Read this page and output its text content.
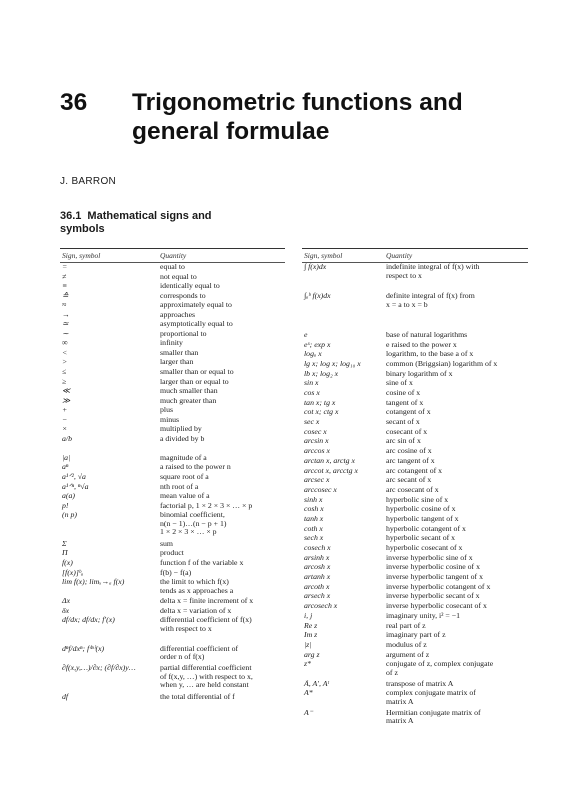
36	Trigonometric functions and
general formulae
J. BARRON
36.1 Mathematical signs and
symbols
Sign, symbol	Quantity
=	equal to
≠	not equal to
≡	identically equal to
≙	corresponds to
≈	approximately equal to
→	approaches
≃	asymptotically equal to
∼	proportional to
∞	infinity
<	smaller than
>	larger than
≤	smaller than or equal to
≥	larger than or equal to
≪	much smaller than
≫	much greater than
+	plus
−	minus
×	multiplied by
a/b	a divided by b
|a|	magnitude of a
aⁿ	a raised to the power n
a¹ᐟ², √a	square root of a
a¹ᐟⁿ, ⁿ√a	nth root of a
a(a)	mean value of a
p!	factorial p, 1 × 2 × 3 × … × p
(n p)	binomial coefficient,
n(n − 1)…(n − p + 1)
1 × 2 × 3 × … × p
Σ	sum
Π	product
f(x)	function f of the variable x
[f(x)]ᵇₐ	f(b) − f(a)
lim f(x); limₓ→ₐ f(x)	the limit to which f(x)
tends as x approaches a
Δx	delta x = finite increment of x
δx	delta x = variation of x
df/dx; df/dx; f′(x)	differential coefficient of f(x)
with respect to x
dⁿf/dxⁿ; f⁽ⁿ⁾(x)	differential coefficient of
order n of f(x)
∂f(x,y,…)/∂x; (∂f/∂x)y…	partial differential coefficient
of f(x,y, …) with respect to x,
when y, … are held constant
df	the total differential of f
Sign, symbol	Quantity
∫ f(x)dx	indefinite integral of f(x) with
respect to x
∫ₐᵇ f(x)dx	definite integral of f(x) from
x = a to x = b
e	base of natural logarithms
eˣ; exp x	e raised to the power x
logₐ x	logarithm, to the base a of x
lg x; log x; log₁₀ x	common (Briggsian) logarithm of x
lb x; log₂ x	binary logarithm of x
sin x	sine of x
cos x	cosine of x
tan x; tg x	tangent of x
cot x; ctg x	cotangent of x
sec x	secant of x
cosec x	cosecant of x
arcsin x	arc sin of x
arccos x	arc cosine of x
arctan x, arctg x	arc tangent of x
arccot x, arcctg x	arc cotangent of x
arcsec x	arc secant of x
arccosec x	arc cosecant of x
sinh x	hyperbolic sine of x
cosh x	hyperbolic cosine of x
tanh x	hyperbolic tangent of x
coth x	hyperbolic cotangent of x
sech x	hyperbolic secant of x
cosech x	hyperbolic cosecant of x
arsinh x	inverse hyperbolic sine of x
arcosh x	inverse hyperbolic cosine of x
artanh x	inverse hyperbolic tangent of x
arcoth x	inverse hyperbolic cotangent of x
arsech x	inverse hyperbolic secant of x
arcosech x	inverse hyperbolic cosecant of x
i, j	imaginary unity, i² = −1
Re z	real part of z
Im z	imaginary part of z
|z|	modulus of z
arg z	argument of z
z*	conjugate of z, complex conjugate
of z
Ã, A′, Aᵗ	transpose of matrix A
A*	complex conjugate matrix of
matrix A
A⁻	Hermitian conjugate matrix of
matrix A
